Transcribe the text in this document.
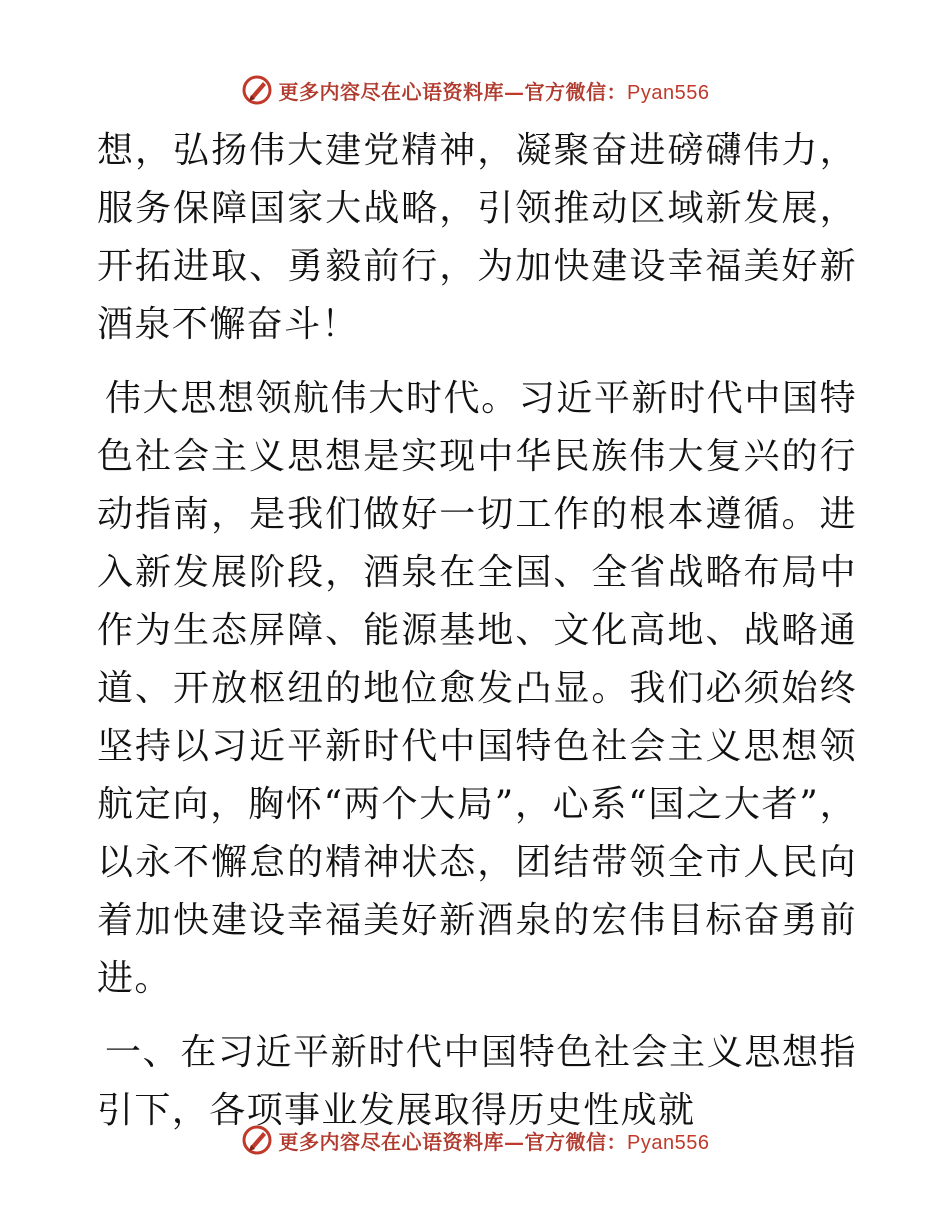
更多内容尽在心语资料库—官方微信：Pyan556

想，弘扬伟大建党精神，凝聚奋进磅礴伟力，服务保障国家大战略，引领推动区域新发展，开拓进取、勇毅前行，为加快建设幸福美好新酒泉不懈奋斗！

伟大思想领航伟大时代。习近平新时代中国特色社会主义思想是实现中华民族伟大复兴的行动指南，是我们做好一切工作的根本遵循。进入新发展阶段，酒泉在全国、全省战略布局中作为生态屏障、能源基地、文化高地、战略通道、开放枢纽的地位愈发凸显。我们必须始终坚持以习近平新时代中国特色社会主义思想领航定向，胸怀“两个大局”，心系“国之大者”，以永不懈怠的精神状态，团结带领全市人民向着加快建设幸福美好新酒泉的宏伟目标奋勇前进。

一、在习近平新时代中国特色社会主义思想指引下，各项事业发展取得历史性成就

更多内容尽在心语资料库—官方微信：Pyan556
